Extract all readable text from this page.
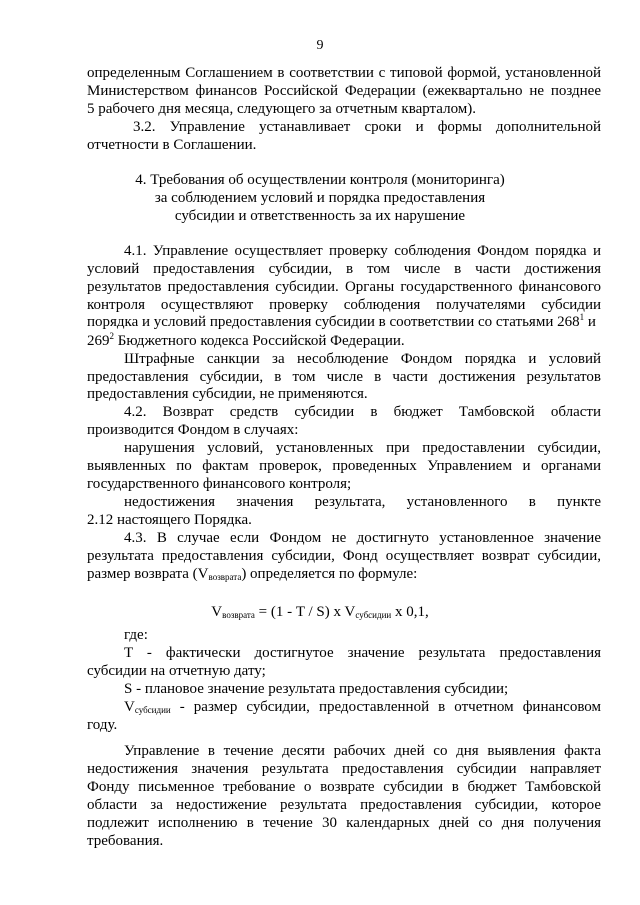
9
определенным Соглашением в соответствии с типовой формой, установленной
Министерством финансов Российской Федерации (ежеквартально не позднее
5 рабочего дня месяца, следующего за отчетным кварталом).
3.2. Управление устанавливает сроки и формы дополнительной
отчетности в Соглашении.
4. Требования об осуществлении контроля (мониторинга)
за соблюдением условий и порядка предоставления
субсидии и ответственность за их нарушение
4.1. Управление осуществляет проверку соблюдения Фондом порядка и
условий предоставления субсидии, в том числе в части достижения
результатов предоставления субсидии. Органы государственного финансового
контроля осуществляют проверку соблюдения получателями субсидии
порядка и условий предоставления субсидии в соответствии со статьями $268^1$ и
$269^2$ Бюджетного кодекса Российской Федерации.
Штрафные санкции за несоблюдение Фондом порядка и условий
предоставления субсидии, в том числе в части достижения результатов
предоставления субсидии, не применяются.
4.2. Возврат средств субсидии в бюджет Тамбовской области
производится Фондом в случаях:
нарушения условий, установленных при предоставлении субсидии,
выявленных по фактам проверок, проведенных Управлением и органами
государственного финансового контроля;
недостижения значения результата, установленного в пункте
2.12 настоящего Порядка.
4.3. В случае если Фондом не достигнуто установленное значение
результата предоставления субсидии, Фонд осуществляет возврат субсидии,
размер возврата $(V_{возврата})$ определяется по формуле:
$V_{возврата} = (1 - T / S)$ x $V_{субсидии}$ x 0,1,
где:
T - фактически достигнутое значение результата предоставления
субсидии на отчетную дату;
S - плановое значение результата предоставления субсидии;
$V_{субсидии}$ - размер субсидии, предоставленной в отчетном финансовом
году.
Управление в течение десяти рабочих дней со дня выявления факта
недостижения значения результата предоставления субсидии направляет
Фонду письменное требование о возврате субсидии в бюджет Тамбовской
области за недостижение результата предоставления субсидии, которое
подлежит исполнению в течение 30 календарных дней со дня получения
требования.
